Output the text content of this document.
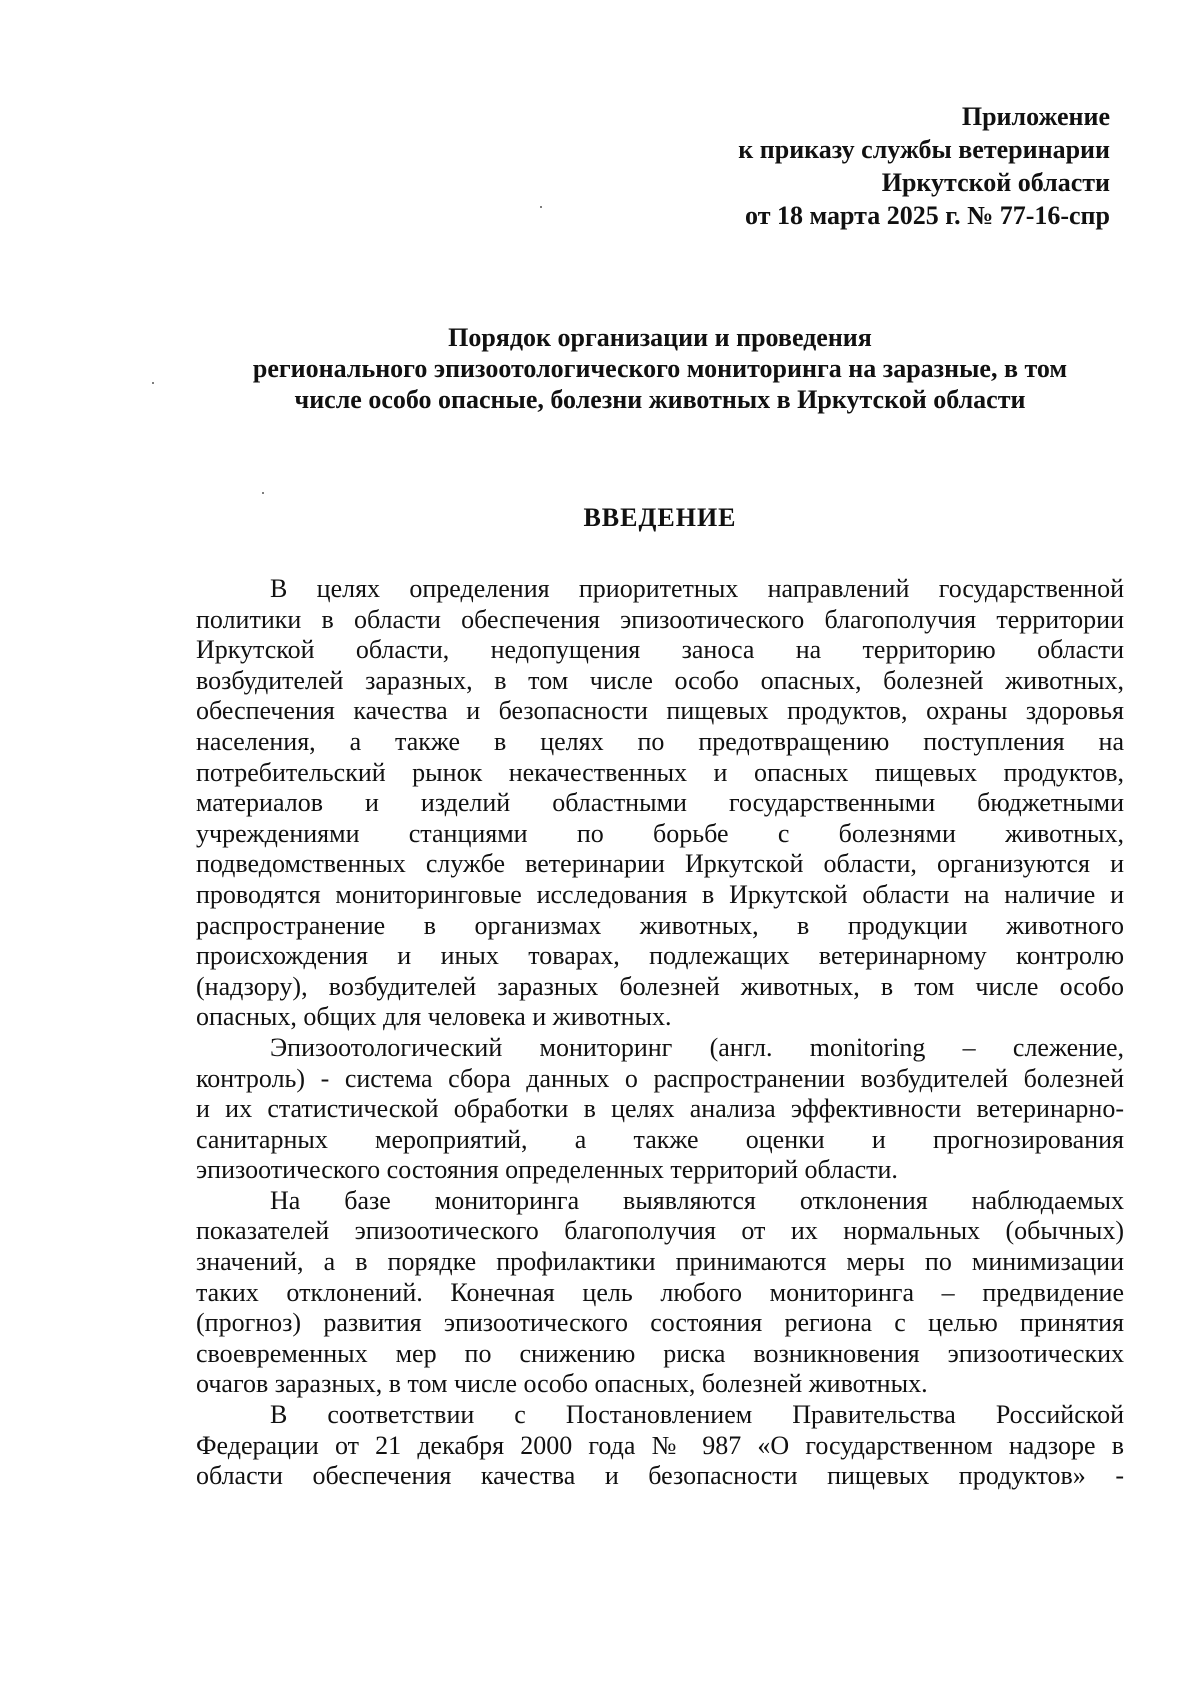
Приложение
к приказу службы ветеринарии
Иркутской области
от 18 марта 2025 г. № 77-16-спр
Порядок организации и проведения
регионального эпизоотологического мониторинга на заразные, в том
числе особо опасные, болезни животных в Иркутской области
ВВЕДЕНИЕ
В целях определения приоритетных направлений государственной
политики в области обеспечения эпизоотического благополучия территории
Иркутской области, недопущения заноса на территорию области
возбудителей заразных, в том числе особо опасных, болезней животных,
обеспечения качества и безопасности пищевых продуктов, охраны здоровья
населения, а также в целях по предотвращению поступления на
потребительский рынок некачественных и опасных пищевых продуктов,
материалов и изделий областными государственными бюджетными
учреждениями станциями по борьбе с болезнями животных,
подведомственных службе ветеринарии Иркутской области, организуются и
проводятся мониторинговые исследования в Иркутской области на наличие и
распространение в организмах животных, в продукции животного
происхождения и иных товарах, подлежащих ветеринарному контролю
(надзору), возбудителей заразных болезней животных, в том числе особо
опасных, общих для человека и животных.
Эпизоотологический мониторинг (англ. monitoring – слежение,
контроль) - система сбора данных о распространении возбудителей болезней
и их статистической обработки в целях анализа эффективности ветеринарно-
санитарных мероприятий, а также оценки и прогнозирования
эпизоотического состояния определенных территорий области.
На базе мониторинга выявляются отклонения наблюдаемых
показателей эпизоотического благополучия от их нормальных (обычных)
значений, а в порядке профилактики принимаются меры по минимизации
таких отклонений. Конечная цель любого мониторинга – предвидение
(прогноз) развития эпизоотического состояния региона с целью принятия
своевременных мер по снижению риска возникновения эпизоотических
очагов заразных, в том числе особо опасных, болезней животных.
В соответствии с Постановлением Правительства Российской
Федерации от 21 декабря 2000 года № 987 «О государственном надзоре в
области обеспечения качества и безопасности пищевых продуктов» -
